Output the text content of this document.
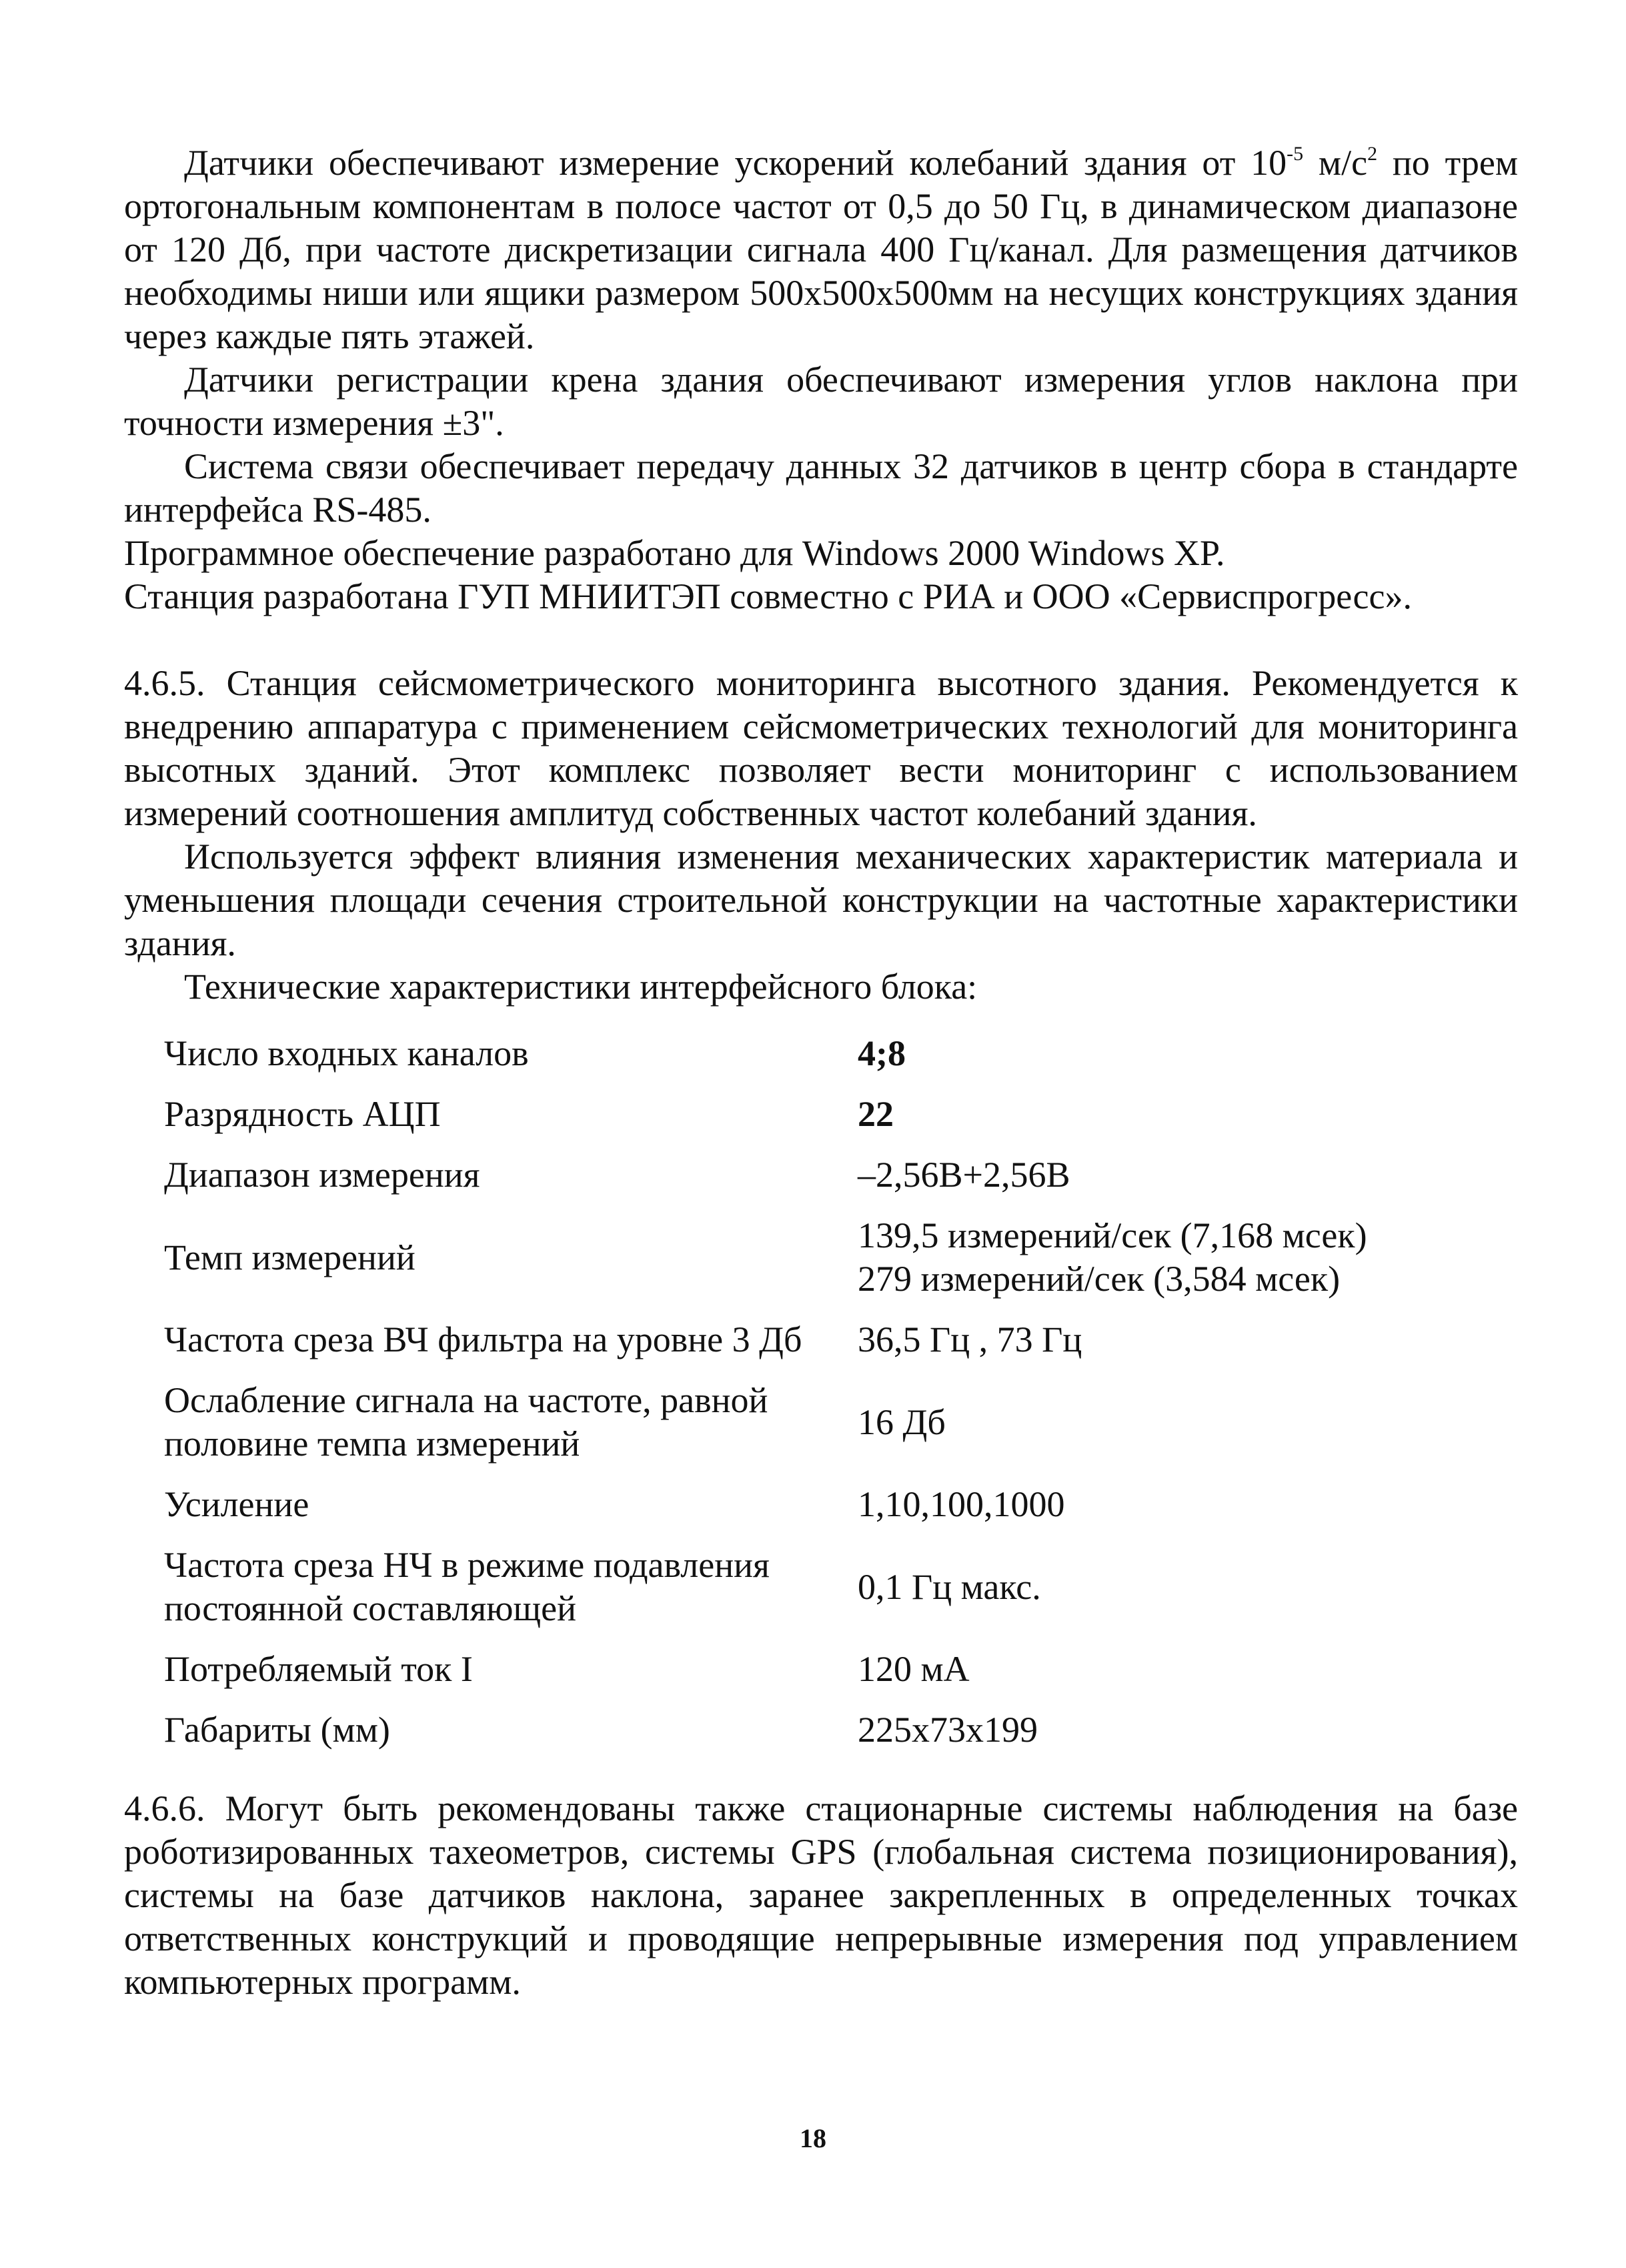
Датчики обеспечивают измерение ускорений колебаний здания от $10^{-5}$ $м/с^2$ по трем ортогональным компонентам в полосе частот от 0,5 до 50 Гц, в динамическом диапазоне от 120 Дб, при частоте дискретизации сигнала 400 Гц/канал. Для размещения датчиков необходимы ниши или ящики размером 500х500х500мм на несущих конструкциях здания через каждые пять этажей.

Датчики регистрации крена здания обеспечивают измерения углов наклона при точности измерения ±3".

Система связи обеспечивает передачу данных 32 датчиков в центр сбора в стандарте интерфейса RS-485.

Программное обеспечение разработано для Windows 2000 Windows XP.

Станция разработана ГУП МНИИТЭП совместно с РИА и ООО «Сервиспрогресс».

4.6.5. Станция сейсмометрического мониторинга высотного здания. Рекомендуется к внедрению аппаратура с применением сейсмометрических технологий для мониторинга высотных зданий. Этот комплекс позволяет вести мониторинг с использованием измерений соотношения амплитуд собственных частот колебаний здания.

Используется эффект влияния изменения механических характеристик материала и уменьшения площади сечения строительной конструкции на частотные характеристики здания.

Технические характеристики интерфейсного блока:

Число входных каналов	4;8

Разрядность АЦП	22

Диапазон измерения	–2,56В+2,56В

Темп измерений	139,5 измерений/сек (7,168 мсек)
279 измерений/сек (3,584 мсек)

Частота среза ВЧ фильтра на уровне 3 Дб	36,5 Гц , 73 Гц

Ослабление сигнала на частоте, равной
половине темпа измерений	16 Дб

Усиление	1,10,100,1000

Частота среза НЧ в режиме подавления
постоянной составляющей	0,1 Гц макс.

Потребляемый ток I	120 мА

Габариты (мм)	225х73х199

4.6.6. Могут быть рекомендованы также стационарные системы наблюдения на базе роботизированных тахеометров, системы GPS (глобальная система позиционирования), системы на базе датчиков наклона, заранее закрепленных в определенных точках ответственных конструкций и проводящие непрерывные измерения под управлением компьютерных программ.

18
